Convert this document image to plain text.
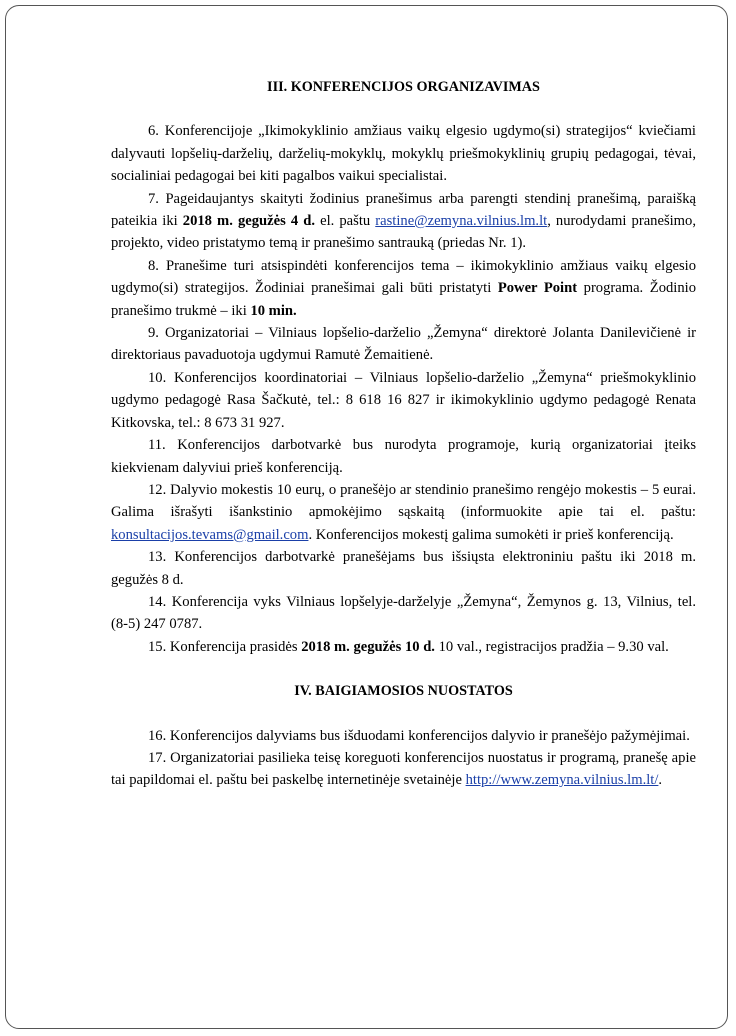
III. KONFERENCIJOS ORGANIZAVIMAS

6. Konferencijoje „Ikimokyklinio amžiaus vaikų elgesio ugdymo(si) strategijos“ kviečiami dalyvauti lopšelių-darželių, darželių-mokyklų, mokyklų priešmokyklinių grupių pedagogai, tėvai, socialiniai pedagogai bei kiti pagalbos vaikui specialistai.

7. Pageidaujantys skaityti žodinius pranešimus arba parengti stendinį pranešimą, paraišką pateikia iki 2018 m. gegužės 4 d. el. paštu rastine@zemyna.vilnius.lm.lt, nurodydami pranešimo, projekto, video pristatymo temą ir pranešimo santrauką (priedas Nr. 1).

8. Pranešime turi atsispindėti konferencijos tema – ikimokyklinio amžiaus vaikų elgesio ugdymo(si) strategijos. Žodiniai pranešimai gali būti pristatyti Power Point programa. Žodinio pranešimo trukmė – iki 10 min.

9. Organizatoriai – Vilniaus lopšelio-darželio „Žemyna“ direktorė Jolanta Danilevičienė ir direktoriaus pavaduotoja ugdymui Ramutė Žemaitienė.

10. Konferencijos koordinatoriai – Vilniaus lopšelio-darželio „Žemyna“ priešmokyklinio ugdymo pedagogė Rasa Šačkutė, tel.: 8 618 16 827 ir ikimokyklinio ugdymo pedagogė Renata Kitkovska, tel.: 8 673 31 927.

11. Konferencijos darbotvarkė bus nurodyta programoje, kurią organizatoriai įteiks kiekvienam dalyviui prieš konferenciją.

12. Dalyvio mokestis 10 eurų, o pranešėjo ar stendinio pranešimo rengėjo mokestis – 5 eurai. Galima išrašyti išankstinio apmokėjimo sąskaitą (informuokite apie tai el. paštu: konsultacijos.tevams@gmail.com. Konferencijos mokestį galima sumokėti ir prieš konferenciją.

13. Konferencijos darbotvarkė pranešėjams bus išsiųsta elektroniniu paštu iki 2018 m. gegužės 8 d.

14. Konferencija vyks Vilniaus lopšelyje-darželyje „Žemyna“, Žemynos g. 13, Vilnius, tel. (8-5) 247 0787.

15. Konferencija prasidės 2018 m. gegužės 10 d. 10 val., registracijos pradžia – 9.30 val.

IV. BAIGIAMOSIOS NUOSTATOS

16. Konferencijos dalyviams bus išduodami konferencijos dalyvio ir pranešėjo pažymėjimai.

17. Organizatoriai pasilieka teisę koreguoti konferencijos nuostatus ir programą, pranešę apie tai papildomai el. paštu bei paskelbę internetinėje svetainėje http://www.zemyna.vilnius.lm.lt/.
